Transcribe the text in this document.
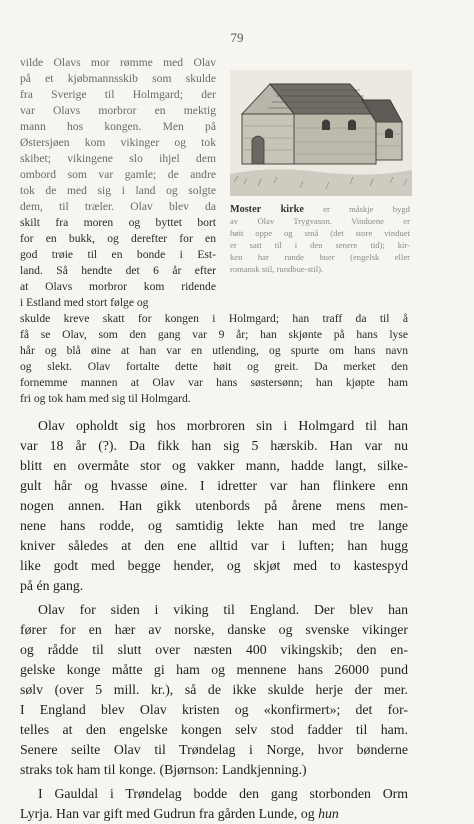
79
Moster kirke er måskje bygd
av Olav Trygvason. Vinduene er
høit oppe og små (det store vinduet
er satt til i den senere tid); kir-
ken har runde buer (engelsk eller
romansk stil, rundbue-stil).
vilde Olavs mor rømme med Olav
på et kjøbmannsskib som skulde
fra Sverige til Holmgard; der
var Olavs morbror en mektig
mann hos kongen. Men på
Østersjøen kom vikinger og tok
skibet; vikingene slo ihjel dem
ombord som var gamle; de andre
tok de med sig i land og solgte
dem, til træler. Olav blev da
skilt fra moren og byttet bort
for en bukk, og derefter for en
god trøie til en bonde i Est-
land. Så hendte det 6 år efter
at Olavs morbror kom ridende
i Estland med stort følge og
skulde kreve skatt for kongen i Holmgard; han traff da til å
få se Olav, som den gang var 9 år; han skjønte på hans lyse
hår og blå øine at han var en utlending, og spurte om hans navn
og slekt. Olav fortalte dette høit og greit. Da merket den
fornemme mannen at Olav var hans søstersønn; han kjøpte ham
fri og tok ham med sig til Holmgard.
Olav opholdt sig hos morbroren sin i Holmgard til han
var 18 år (?). Da fikk han sig 5 hærskib. Han var nu
blitt en overmåte stor og vakker mann, hadde langt, silke-
gult hår og hvasse øine. I idretter var han flinkere enn
nogen annen. Han gikk utenbords på årene mens men-
nene hans rodde, og samtidig lekte han med tre lange
kniver således at den ene alltid var i luften; han hugg
like godt med begge hender, og skjøt med to kastespyd
på én gang.
Olav for siden i viking til England. Der blev han
fører for en hær av norske, danske og svenske vikinger
og rådde til slutt over næsten 400 vikingskib; den en-
gelske konge måtte gi ham og mennene hans 26000 pund
sølv (over 5 mill. kr.), så de ikke skulde herje der mer.
I England blev Olav kristen og «konfirmert»; det for-
telles at den engelske kongen selv stod fadder til ham.
Senere seilte Olav til Trøndelag i Norge, hvor bønderne
straks tok ham til konge. (Bjørnson: Landkjenning.)
I Gauldal i Trøndelag bodde den gang storbonden Orm
Lyrja. Han var gift med Gudrun fra gården Lunde, og hun
